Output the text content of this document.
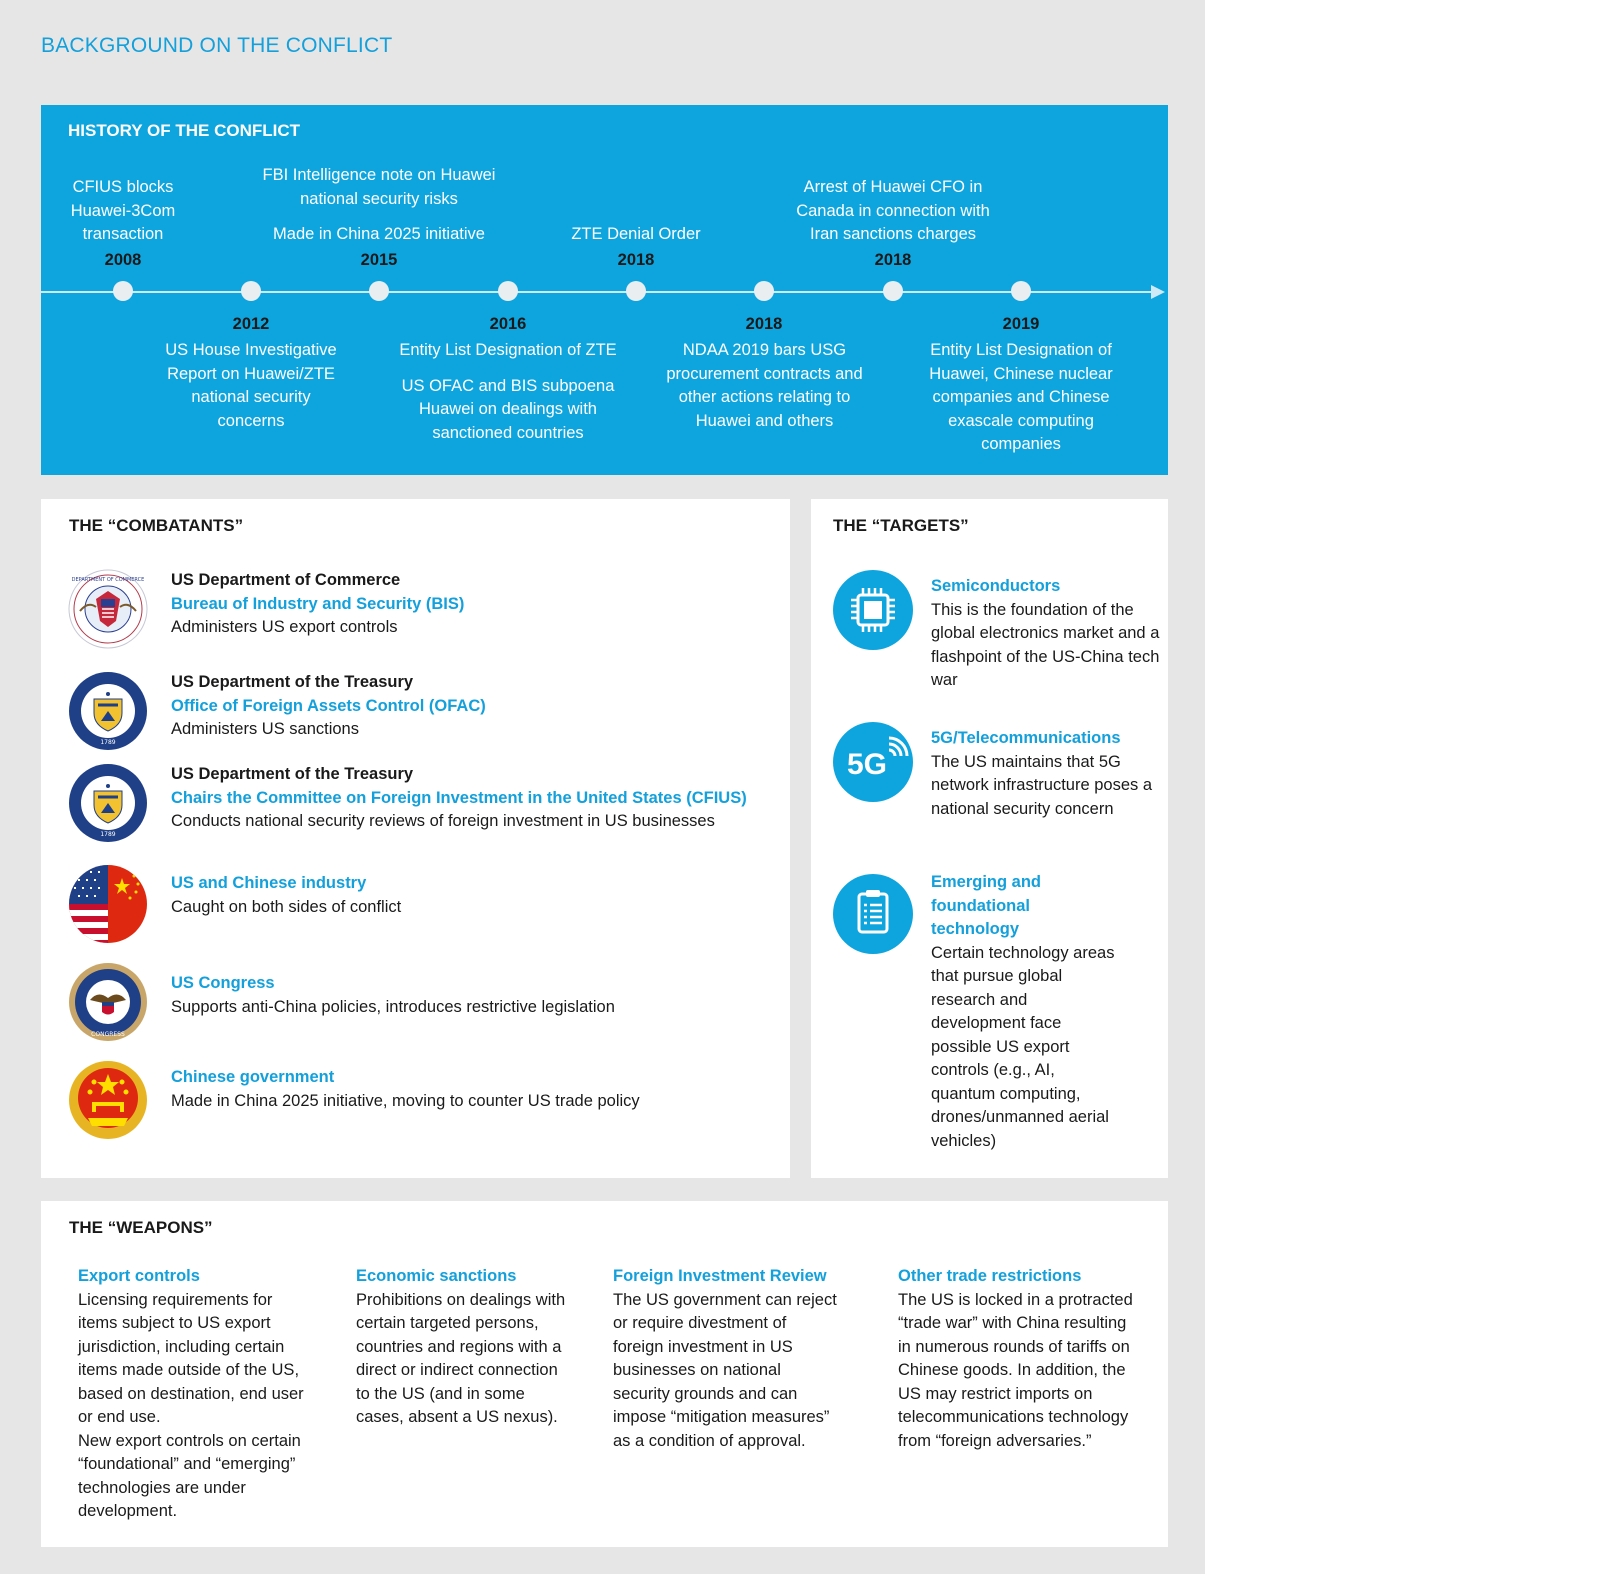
BACKGROUND ON THE CONFLICT
HISTORY OF THE CONFLICT
CFIUS blocks Huawei-3Com transaction
2008
FBI Intelligence note on Huawei national security risks
Made in China 2025 initiative
2015
ZTE Denial Order
2018
Arrest of Huawei CFO in Canada in connection with Iran sanctions charges
2018
2012
US House Investigative Report on Huawei/ZTE national security concerns
2016
Entity List Designation of ZTE
US OFAC and BIS subpoena Huawei on dealings with sanctioned countries
2018
NDAA 2019 bars USG procurement contracts and other actions relating to Huawei and others
2019
Entity List Designation of Huawei, Chinese nuclear companies and Chinese exascale computing companies
THE “COMBATANTS”
DEPARTMENT OF COMMERCE US Department of Commerce
Bureau of Industry and Security (BIS)
Administers US export controls
1789
US Department of the Treasury
Office of Foreign Assets Control (OFAC)
Administers US sanctions
1789
US Department of the Treasury
Chairs the Committee on Foreign Investment in the United States (CFIUS)
Conducts national security reviews of foreign investment in US businesses
US and Chinese industry
Caught on both sides of conflict
CONGRESS
US Congress
Supports anti-China policies, introduces restrictive legislation
Chinese government
Made in China 2025 initiative, moving to counter US trade policy
THE “TARGETS”
Semiconductors
This is the foundation of the global electronics market and a flashpoint of the US-China tech war
5G
5G/Telecommunications
The US maintains that 5G network infrastructure poses a national security concern
Emerging and foundational technology
Certain technology areas that pursue global research and development face possible US export controls (e.g., AI, quantum computing, drones/unmanned aerial vehicles)
THE “WEAPONS”
Export controls
Licensing requirements for items subject to US export jurisdiction, including certain items made outside of the US, based on destination, end user or end use.
New export controls on certain “foundational” and “emerging” technologies are under development.
Economic sanctions
Prohibitions on dealings with certain targeted persons, countries and regions with a direct or indirect connection to the US (and in some cases, absent a US nexus).
Foreign Investment Review
The US government can reject or require divestment of foreign investment in US businesses on national security grounds and can impose “mitigation measures” as a condition of approval.
Other trade restrictions
The US is locked in a protracted “trade war” with China resulting in numerous rounds of tariffs on Chinese goods. In addition, the US may restrict imports on telecommunications technology from “foreign adversaries.”
